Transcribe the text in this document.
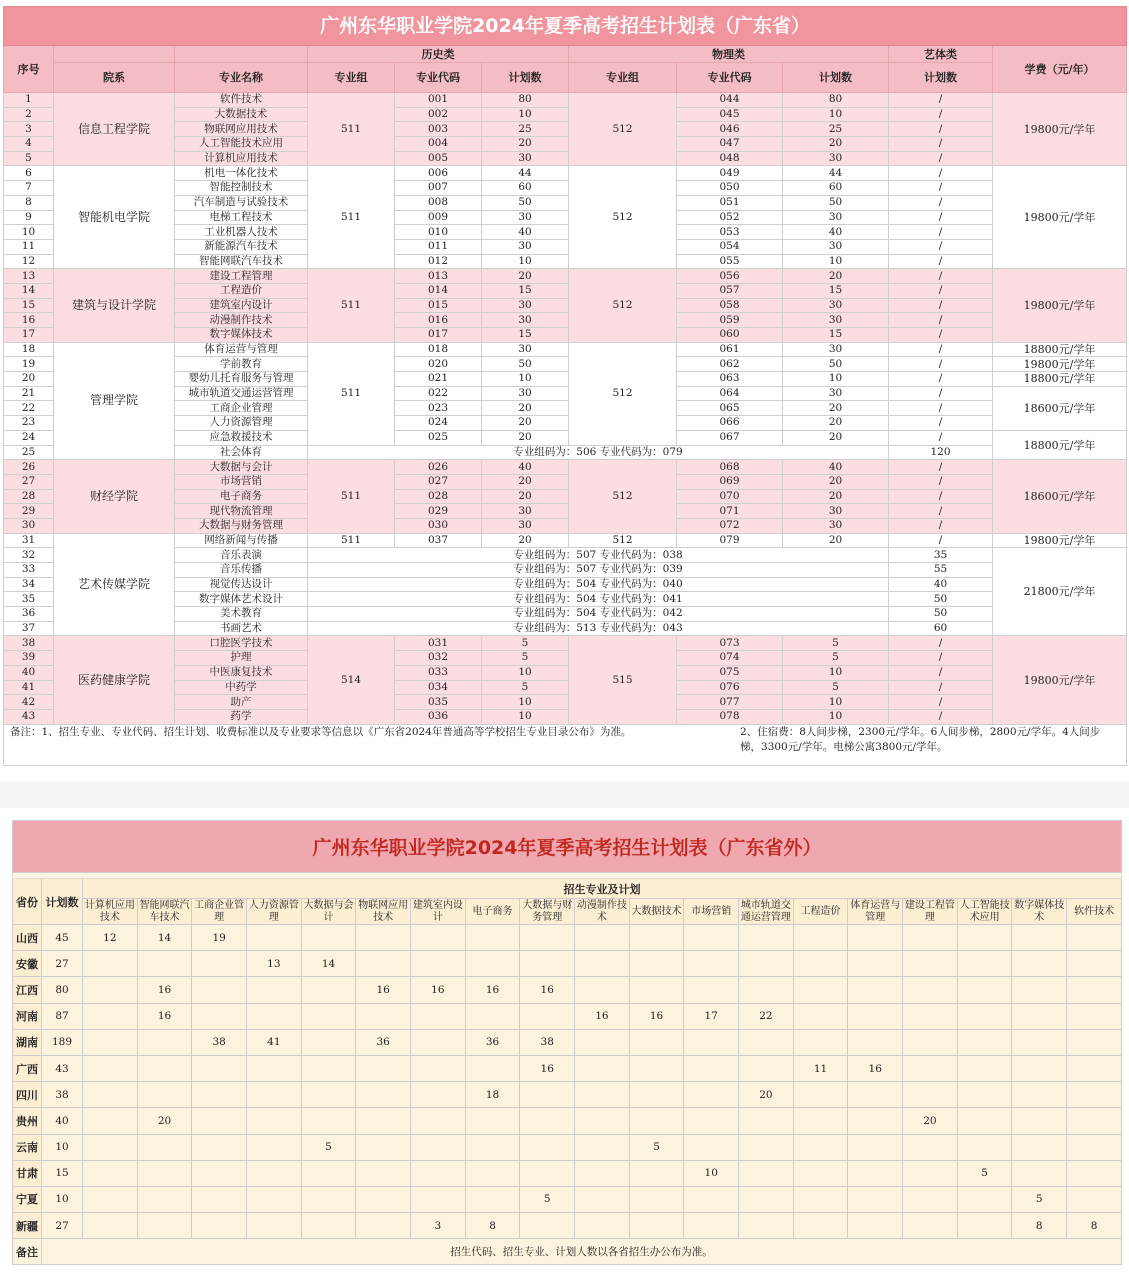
广州东华职业学院2024年夏季高考招生计划表（广东省）										
序号			历史类			物理类			艺体类	学费（元/年）
	院系	专业名称	专业组	专业代码	计划数	专业组	专业代码	计划数	计划数	
1	信息工程学院	软件技术	511	001	80	512	044	80	/	19800元/学年
2		大数据技术		002	10		045	10	/	
3		物联网应用技术		003	25		046	25	/	
4		人工智能技术应用		004	20		047	20	/	
5		计算机应用技术		005	30		048	30	/	
6	智能机电学院	机电一体化技术	511	006	44	512	049	44	/	19800元/学年
7		智能控制技术		007	60		050	60	/	
8		汽车制造与试验技术		008	50		051	50	/	
9		电梯工程技术		009	30		052	30	/	
10		工业机器人技术		010	40		053	40	/	
11		新能源汽车技术		011	30		054	30	/	
12		智能网联汽车技术		012	10		055	10	/	
13	建筑与设计学院	建设工程管理	511	013	20	512	056	20	/	19800元/学年
14		工程造价		014	15		057	15	/	
15		建筑室内设计		015	30		058	30	/	
16		动漫制作技术		016	30		059	30	/	
17		数字媒体技术		017	15		060	15	/	
18	管理学院	体育运营与管理	511	018	30	512	061	30	/	18800元/学年
19		学前教育		020	50		062	50	/	19800元/学年
20		婴幼儿托育服务与管理		021	10		063	10	/	18800元/学年
21		城市轨道交通运营管理		022	30		064	30	/	18600元/学年
22		工商企业管理		023	20		065	20	/	
23		人力资源管理		024	20		066	20	/	
24		应急救援技术		025	20		067	20	/	18800元/学年
25		社会体育	专业组码为：506 专业代码为：079						120	
26	财经学院	大数据与会计	511	026	40	512	068	40	/	18600元/学年
27		市场营销		027	20		069	20	/	
28		电子商务		028	20		070	20	/	
29		现代物流管理		029	30		071	30	/	
30		大数据与财务管理		030	30		072	30	/	
31	艺术传媒学院	网络新闻与传播	511	037	20	512	079	20	/	19800元/学年
32		音乐表演	专业组码为：507 专业代码为：038						35	21800元/学年
33		音乐传播	专业组码为：507 专业代码为：039						55	
34		视觉传达设计	专业组码为：504 专业代码为：040						40	
35		数字媒体艺术设计	专业组码为：504 专业代码为：041						50	
36		美术教育	专业组码为：504 专业代码为：042						50	
37		书画艺术	专业组码为：513 专业代码为：043						60	
38	医药健康学院	口腔医学技术	514	031	5	515	073	5	/	19800元/学年
39		护理		032	5		074	5	/	
40		中医康复技术		033	10		075	10	/	
41		中药学		034	5		076	5	/	
42		助产		035	10		077	10	/	
43		药学		036	10		078	10	/	

2、住宿费：8人间步梯，2300元/学年。6人间步梯，2800元/学年。4人间步梯，3300元/学年。电梯公寓3800元/学年。
备注：1、招生专业、专业代码、招生计划、收费标准以及专业要求等信息以《广东省2024年普通高等学校招生专业目录公布》为准。										
广州东华职业学院2024年夏季高考招生计划表（广东省外）																				

省份	计划数	招生专业及计划																		
		计算机应用技术	智能网联汽车技术	工商企业管理	人力资源管理	大数据与会计	物联网应用技术	建筑室内设计	电子商务	大数据与财务管理	动漫制作技术	大数据技术	市场营销	城市轨道交通运营管理	工程造价	体育运营与管理	建设工程管理	人工智能技术应用	数字媒体技术	软件技术
山西	45	12	14	19																
安徽	27				13	14														
江西	80		16				16	16	16	16										
河南	87		16								16	16	17	22						
湖南	189			38	41		36		36	38										
广西	43									16					11	16				
四川	38								18					20						
贵州	40		20														20			
云南	10					5						5								
甘肃	15												10					5		
宁夏	10									5									5	
新疆	27							3	8										8	8
备注	招生代码、招生专业、计划人数以各省招生办公布为准。																			
